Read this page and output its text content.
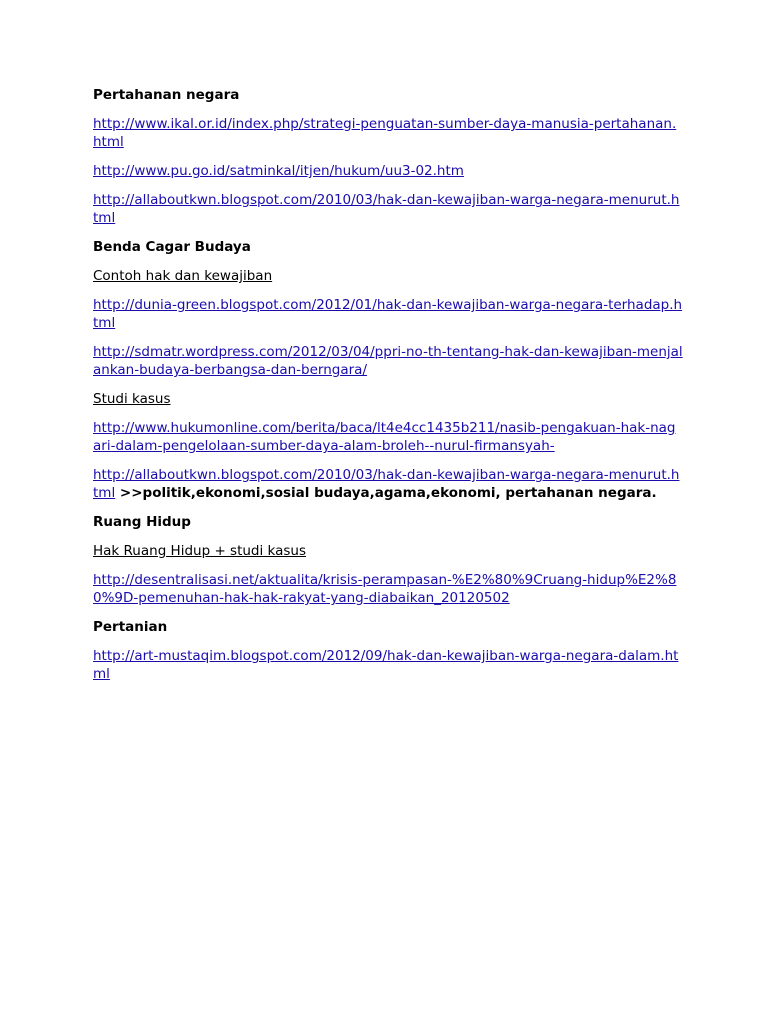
Pertahanan negara
http://www.ikal.or.id/index.php/strategi-penguatan-sumber-daya-manusia-pertahanan.html
http://www.pu.go.id/satminkal/itjen/hukum/uu3-02.htm
http://allaboutkwn.blogspot.com/2010/03/hak-dan-kewajiban-warga-negara-menurut.html
Benda Cagar Budaya
Contoh hak dan kewajiban
http://dunia-green.blogspot.com/2012/01/hak-dan-kewajiban-warga-negara-terhadap.html
http://sdmatr.wordpress.com/2012/03/04/ppri-no-th-tentang-hak-dan-kewajiban-menjalankan-budaya-berbangsa-dan-berngara/
Studi kasus
http://www.hukumonline.com/berita/baca/lt4e4cc1435b211/nasib-pengakuan-hak-nagari-dalam-pengelolaan-sumber-daya-alam-broleh--nurul-firmansyah-
http://allaboutkwn.blogspot.com/2010/03/hak-dan-kewajiban-warga-negara-menurut.html >>politik,ekonomi,sosial budaya,agama,ekonomi, pertahanan negara.
Ruang Hidup
Hak Ruang Hidup + studi kasus
http://desentralisasi.net/aktualita/krisis-perampasan-%E2%80%9Cruang-hidup%E2%80%9D-pemenuhan-hak-hak-rakyat-yang-diabaikan_20120502
Pertanian
http://art-mustaqim.blogspot.com/2012/09/hak-dan-kewajiban-warga-negara-dalam.html
